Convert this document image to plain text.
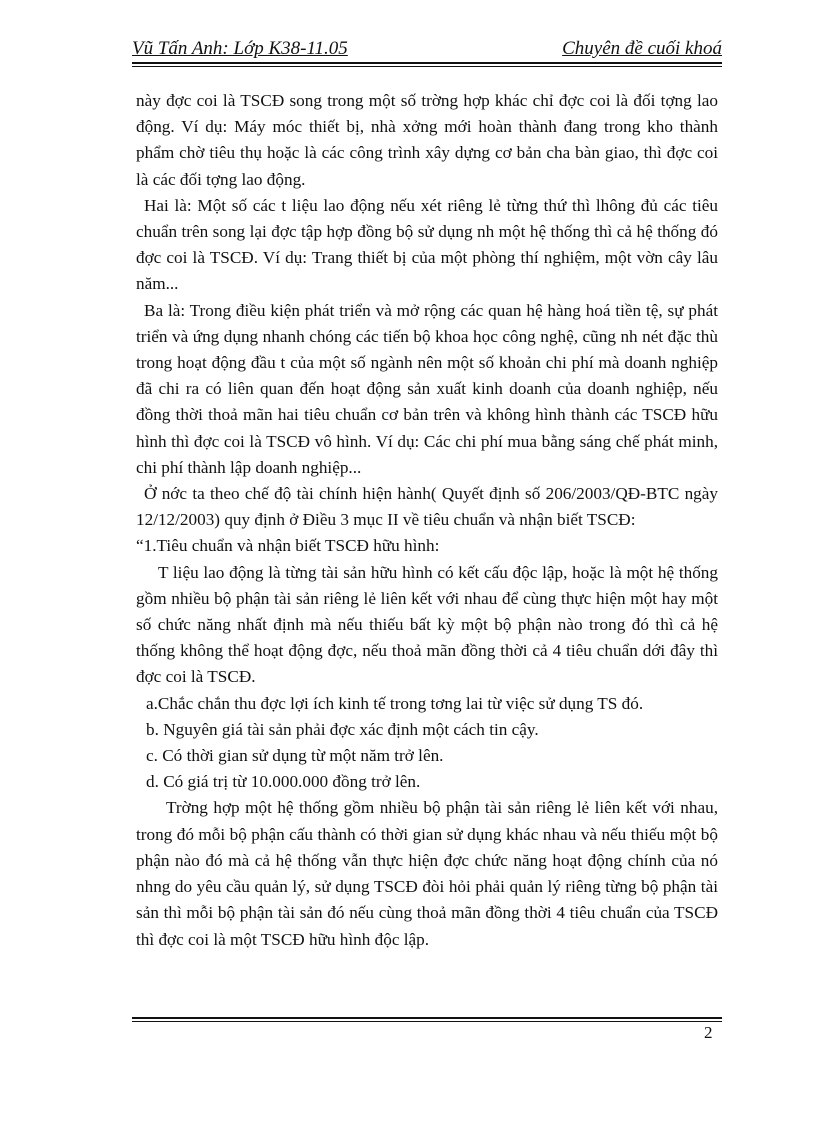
Vũ Tấn Anh: Lớp K38-11.05	Chuyên đề cuối khoá

này đợc coi là TSCĐ song trong một số trờng hợp khác chỉ đợc coi là đối tợng lao động. Ví dụ: Máy móc thiết bị, nhà xởng mới hoàn thành đang trong kho thành phẩm chờ tiêu thụ hoặc là các công trình xây dựng cơ bản cha bàn giao, thì đợc coi là các đối tợng lao động.

Hai là: Một số các t liệu lao động nếu xét riêng lẻ từng thứ thì lhông đủ các tiêu chuẩn trên song lại đợc tập hợp đồng bộ sử dụng nh một hệ thống thì cả hệ thống đó đợc coi là TSCĐ. Ví dụ: Trang thiết bị của một phòng thí nghiệm, một vờn cây lâu năm...

Ba là: Trong điều kiện phát triển và mở rộng các quan hệ hàng hoá tiền tệ, sự phát triển và ứng dụng nhanh chóng các tiến bộ khoa học công nghệ, cũng nh nét đặc thù trong hoạt động đầu t của một số ngành nên một số khoản chi phí mà doanh nghiệp đã chi ra có liên quan đến hoạt động sản xuất kinh doanh của doanh nghiệp, nếu đồng thời thoả mãn hai tiêu chuẩn cơ bản trên và không hình thành các TSCĐ hữu hình thì đợc coi là TSCĐ vô hình. Ví dụ: Các chi phí mua bằng sáng chế phát minh, chi phí thành lập doanh nghiệp...

Ở nớc ta theo chế độ tài chính hiện hành( Quyết định số 206/2003/QĐ-BTC ngày 12/12/2003) quy định ở Điều 3 mục II về tiêu chuẩn và nhận biết TSCĐ:

“1.Tiêu chuẩn và nhận biết TSCĐ hữu hình:

T liệu lao động là từng tài sản hữu hình có kết cấu độc lập, hoặc là một hệ thống gồm nhiều bộ phận tài sản riêng lẻ liên kết với nhau để cùng thực hiện một hay một số chức năng nhất định mà nếu thiếu bất kỳ một bộ phận nào trong đó thì cả hệ thống không thể hoạt động đợc, nếu thoả mãn đồng thời cả 4 tiêu chuẩn dới đây thì đợc coi là TSCĐ.

a.Chắc chắn thu đợc lợi ích kinh tế trong tơng lai từ việc sử dụng TS đó.

b. Nguyên giá tài sản phải đợc xác định một cách tin cậy.

c. Có thời gian sử dụng từ một năm trở lên.

d. Có giá trị từ 10.000.000 đồng trở lên.

Trờng hợp một hệ thống gồm nhiều bộ phận tài sản riêng lẻ liên kết với nhau, trong đó mỗi bộ phận cấu thành có thời gian sử dụng khác nhau và nếu thiếu một bộ phận nào đó mà cả hệ thống vẫn thực hiện đợc chức năng hoạt động chính của nó nhng do yêu cầu quản lý, sử dụng TSCĐ đòi hỏi phải quản lý riêng từng bộ phận tài sản thì mỗi bộ phận tài sản đó nếu cùng thoả mãn đồng thời 4 tiêu chuẩn của TSCĐ thì đợc coi là một TSCĐ hữu hình độc lập.

2
